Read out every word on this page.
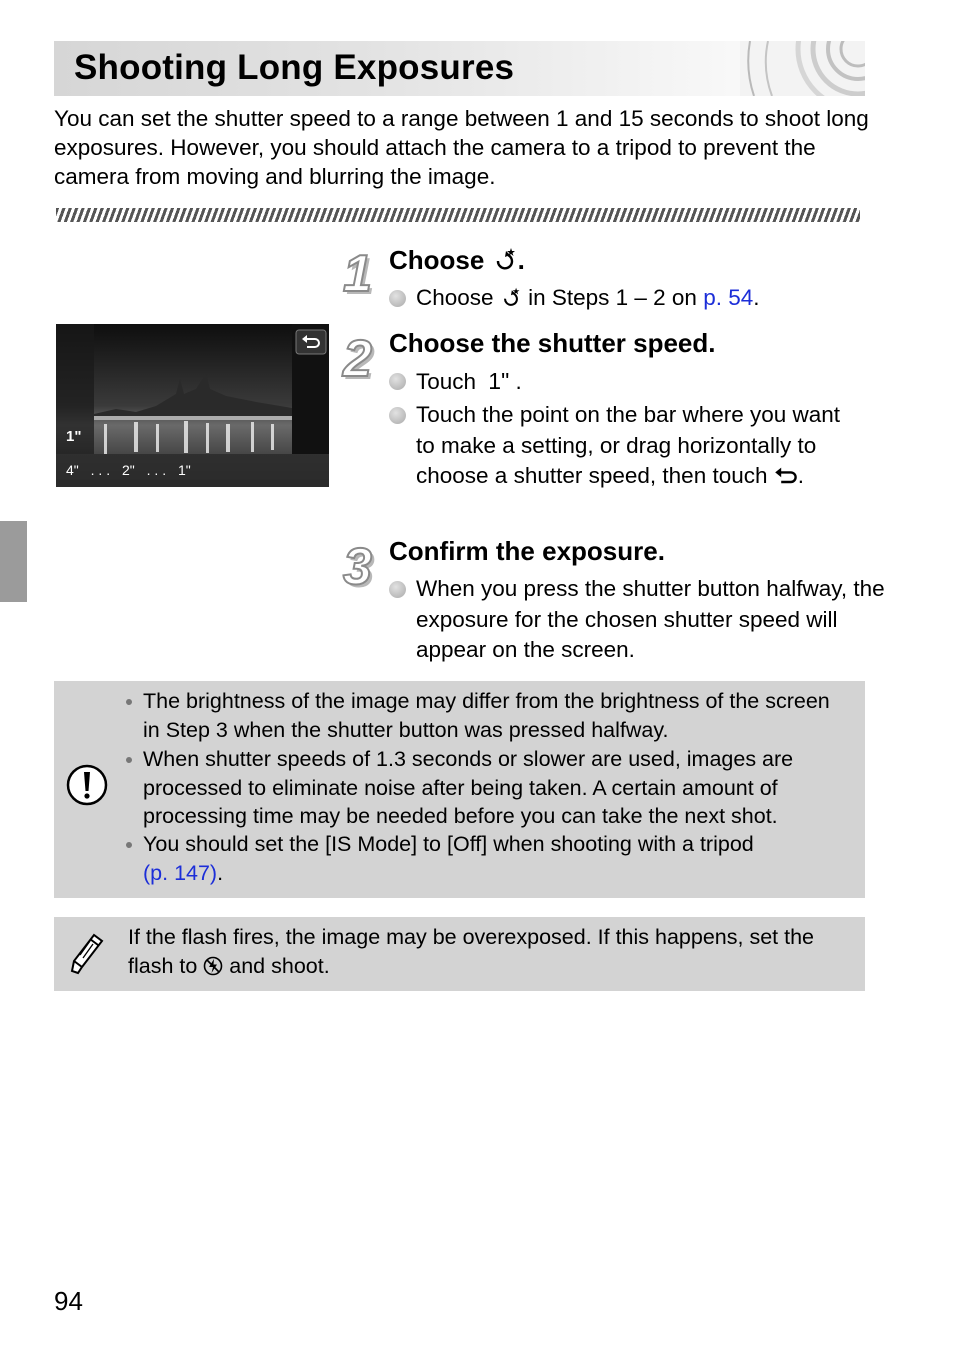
Shooting Long Exposures
You can set the shutter speed to a range between 1 and 15 seconds to shoot long exposures. However, you should attach the camera to a tripod to prevent the camera from moving and blurring the image.
1 Choose .
Choose  in Steps 1 – 2 on p. 54.
1"
4" . . . 2" . . . 1"
2 Choose the shutter speed.
Touch 1" .
Touch the point on the bar where you want to make a setting, or drag horizontally to choose a shutter speed, then touch .
3 Confirm the exposure.
When you press the shutter button halfway, the exposure for the chosen shutter speed will appear on the screen.
The brightness of the image may differ from the brightness of the screen in Step 3 when the shutter button was pressed halfway.
When shutter speeds of 1.3 seconds or slower are used, images are processed to eliminate noise after being taken. A certain amount of processing time may be needed before you can take the next shot.
You should set the [IS Mode] to [Off] when shooting with a tripod
(p. 147).
If the flash fires, the image may be overexposed. If this happens, set the flash to  and shoot.
94
